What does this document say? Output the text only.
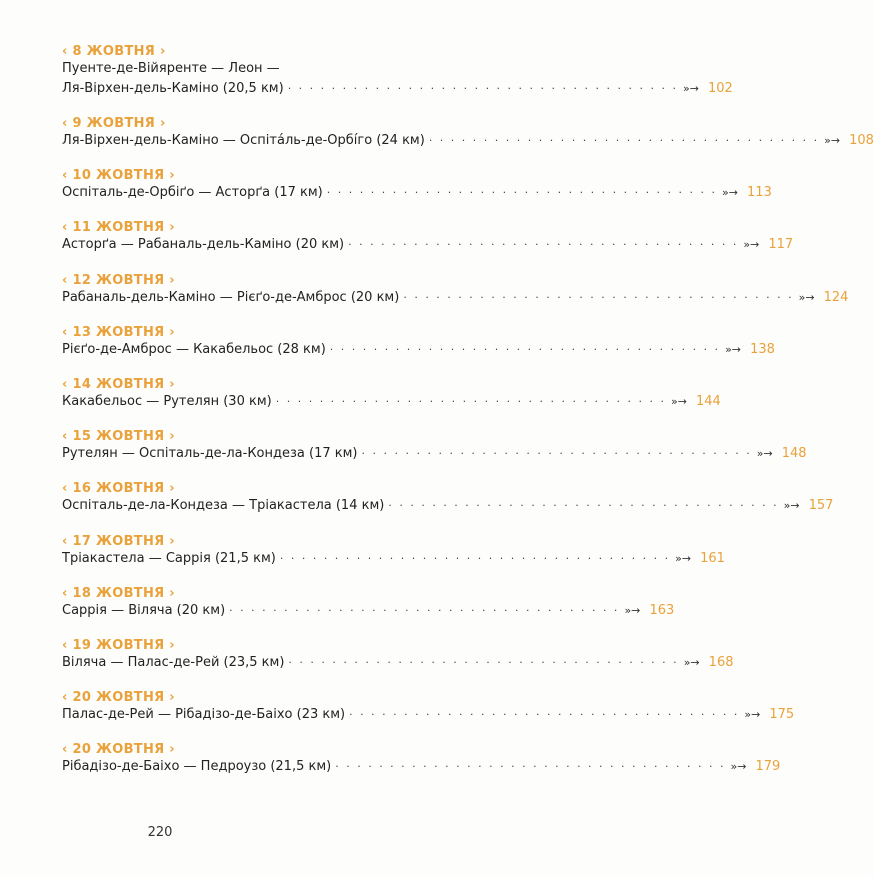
‹ 8 ЖОВТНЯ ›
Пуенте-де-Війяренте — Леон —
Ля-Вірхен-дель-Каміно (20,5 км) · · · · · · · · · · · · · · · · · · · · · · · · · · · · · · · · · · · · »→ 102
‹ 9 ЖОВТНЯ ›
Ля-Вірхен-дель-Каміно — Оспіта́ль-де-Орбі́го (24 км) · · · · · · · · · · · · · · · · · · · · · · · · · · · · · · · · · · · · »→ 108
‹ 10 ЖОВТНЯ ›
Оспіталь-де-Орбіґо — Асторґа (17 км) · · · · · · · · · · · · · · · · · · · · · · · · · · · · · · · · · · · · »→ 113
‹ 11 ЖОВТНЯ ›
Асторґа — Рабаналь-дель-Каміно (20 км) · · · · · · · · · · · · · · · · · · · · · · · · · · · · · · · · · · · · »→ 117
‹ 12 ЖОВТНЯ ›
Рабаналь-дель-Каміно — Рієґо-де-Амброс (20 км) · · · · · · · · · · · · · · · · · · · · · · · · · · · · · · · · · · · · »→ 124
‹ 13 ЖОВТНЯ ›
Рієґо-де-Амброс — Какабельос (28 км) · · · · · · · · · · · · · · · · · · · · · · · · · · · · · · · · · · · · »→ 138
‹ 14 ЖОВТНЯ ›
Какабельос — Рутелян (30 км) · · · · · · · · · · · · · · · · · · · · · · · · · · · · · · · · · · · · »→ 144
‹ 15 ЖОВТНЯ ›
Рутелян — Оспіталь-де-ла-Кондеза (17 км) · · · · · · · · · · · · · · · · · · · · · · · · · · · · · · · · · · · · »→ 148
‹ 16 ЖОВТНЯ ›
Оспіталь-де-ла-Кондеза — Тріакастела (14 км) · · · · · · · · · · · · · · · · · · · · · · · · · · · · · · · · · · · · »→ 157
‹ 17 ЖОВТНЯ ›
Тріакастела — Саррія (21,5 км) · · · · · · · · · · · · · · · · · · · · · · · · · · · · · · · · · · · · »→ 161
‹ 18 ЖОВТНЯ ›
Саррія — Віляча (20 км) · · · · · · · · · · · · · · · · · · · · · · · · · · · · · · · · · · · · »→ 163
‹ 19 ЖОВТНЯ ›
Віляча — Палас-де-Рей (23,5 км) · · · · · · · · · · · · · · · · · · · · · · · · · · · · · · · · · · · · »→ 168
‹ 20 ЖОВТНЯ ›
Палас-де-Рей — Рібадізо-де-Баіхо (23 км) · · · · · · · · · · · · · · · · · · · · · · · · · · · · · · · · · · · · »→ 175
‹ 20 ЖОВТНЯ ›
Рібадізо-де-Баіхо — Педроузо (21,5 км) · · · · · · · · · · · · · · · · · · · · · · · · · · · · · · · · · · · · »→ 179
220
